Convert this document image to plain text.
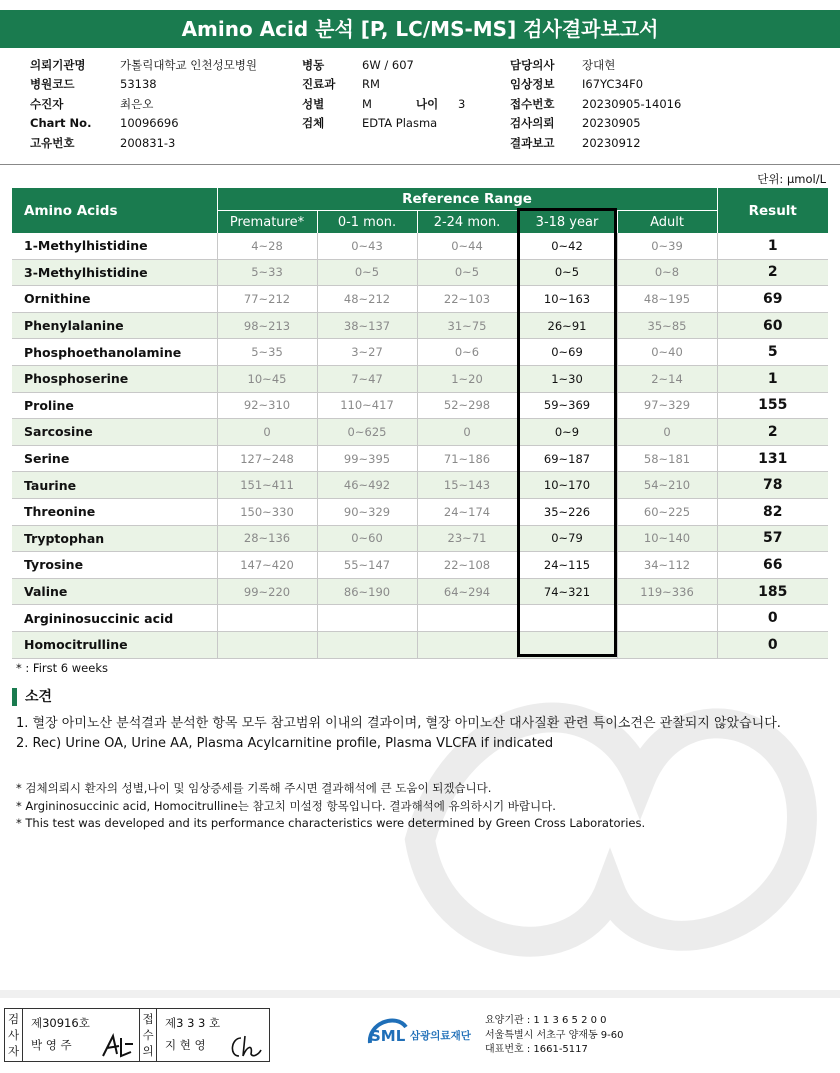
Amino Acid 분석 [P, LC/MS-MS] 검사결과보고서
의뢰기관명	가톨릭대학교 인천성모병원
병원코드	53138
수진자	최은오
Chart No. 10096696
고유번호	200831-3
병동	6W / 607
진료과 RM
성별	M	나이 3
검체	EDTA Plasma
담당의사 장대현
임상정보 I67YC34F0
접수번호 20230905-14016
검사의뢰 20230905
결과보고 20230912
단위: μmol/L
Amino Acids	Reference Range					Result
	Premature*	0-1 mon.	2-24 mon.	3-18 year	Adult	
1-Methylhistidine	4~28	0~43	0~44	0~42	0~39	1
3-Methylhistidine	5~33	0~5	0~5	0~5	0~8	2
Ornithine	77~212	48~212	22~103	10~163	48~195	69
Phenylalanine	98~213	38~137	31~75	26~91	35~85	60
Phosphoethanolamine	5~35	3~27	0~6	0~69	0~40	5
Phosphoserine	10~45	7~47	1~20	1~30	2~14	1
Proline	92~310	110~417	52~298	59~369	97~329	155
Sarcosine	0	0~625	0	0~9	0	2
Serine	127~248	99~395	71~186	69~187	58~181	131
Taurine	151~411	46~492	15~143	10~170	54~210	78
Threonine	150~330	90~329	24~174	35~226	60~225	82
Tryptophan	28~136	0~60	23~71	0~79	10~140	57
Tyrosine	147~420	55~147	22~108	24~115	34~112	66
Valine	99~220	86~190	64~294	74~321	119~336	185
Argininosuccinic acid						0
Homocitrulline						0
* : First 6 weeks
소견
1. 혈장 아미노산 분석결과 분석한 항목 모두 참고범위 이내의 결과이며, 혈장 아미노산 대사질환 관련 특이소견은 관찰되지 않았습니다.
2. Rec) Urine OA, Urine AA, Plasma Acylcarnitine profile, Plasma VLCFA if indicated
* 검체의뢰시 환자의 성별,나이 및 임상증세를 기록해 주시면 결과해석에 큰 도움이 되겠습니다.
* Argininosuccinic acid, Homocitrulline는 참고치 미설정 항목입니다. 결과해석에 유의하시기 바랍니다.
* This test was developed and its performance characteristics were determined by Green Cross Laboratories.
검
사
자
제30916호
박 영 주
접
수
의
제3 3 3 호
지 현 영	SML 삼광의료재단
요양기관 : 1 1 3 6 5 2 0 0
서울특별시 서초구 양재동 9-60
대표번호 : 1661-5117
